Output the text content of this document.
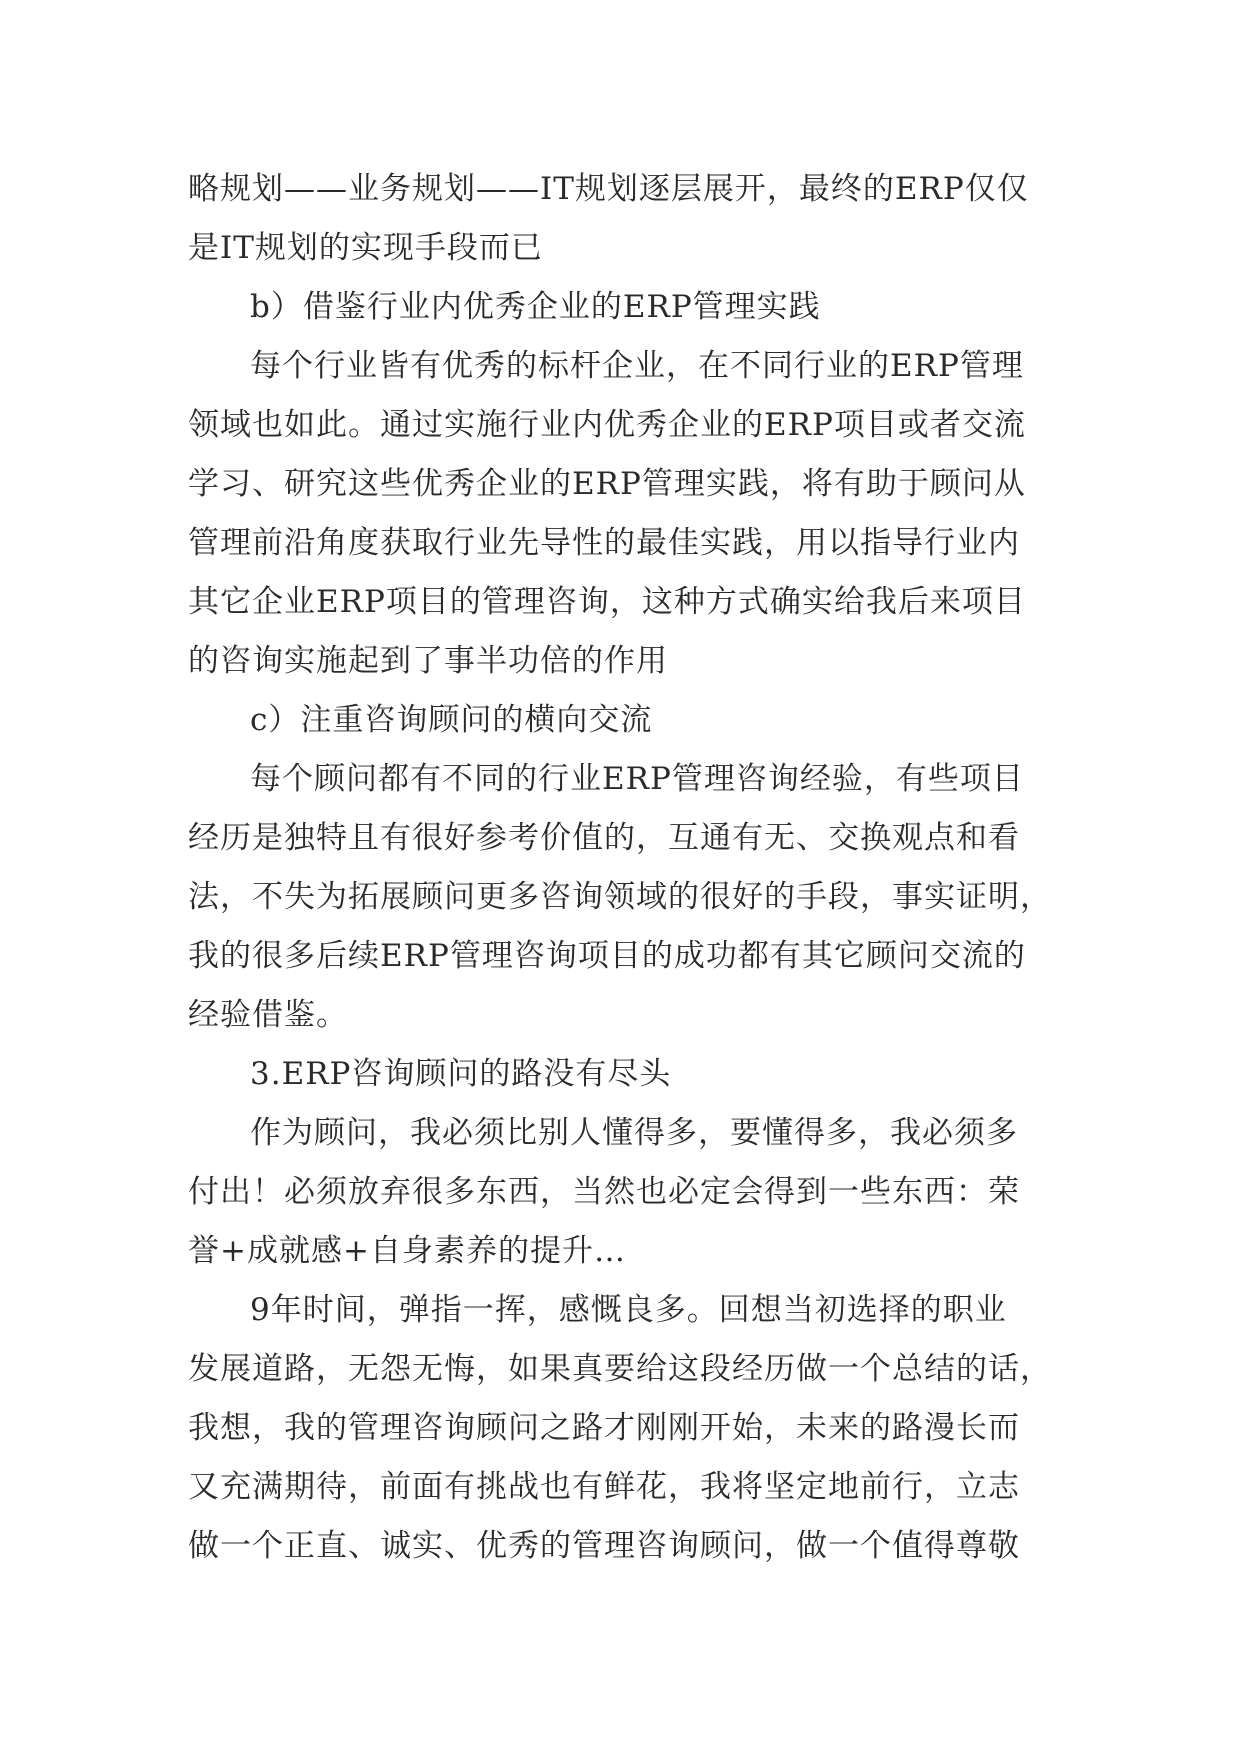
略规划——业务规划——IT规划逐层展开，最终的ERP仅仅
是IT规划的实现手段而已
b）借鉴行业内优秀企业的ERP管理实践
每个行业皆有优秀的标杆企业，在不同行业的ERP管理
领域也如此。通过实施行业内优秀企业的ERP项目或者交流
学习、研究这些优秀企业的ERP管理实践，将有助于顾问从
管理前沿角度获取行业先导性的最佳实践，用以指导行业内
其它企业ERP项目的管理咨询，这种方式确实给我后来项目
的咨询实施起到了事半功倍的作用
c）注重咨询顾问的横向交流
每个顾问都有不同的行业ERP管理咨询经验，有些项目
经历是独特且有很好参考价值的，互通有无、交换观点和看
法，不失为拓展顾问更多咨询领域的很好的手段，事实证明，
我的很多后续ERP管理咨询项目的成功都有其它顾问交流的
经验借鉴。
3.ERP咨询顾问的路没有尽头
作为顾问，我必须比别人懂得多，要懂得多，我必须多
付出！必须放弃很多东西，当然也必定会得到一些东西：荣
誉+成就感+自身素养的提升…
9年时间，弹指一挥，感慨良多。回想当初选择的职业
发展道路，无怨无悔，如果真要给这段经历做一个总结的话，
我想，我的管理咨询顾问之路才刚刚开始，未来的路漫长而
又充满期待，前面有挑战也有鲜花，我将坚定地前行，立志
做一个正直、诚实、优秀的管理咨询顾问，做一个值得尊敬
